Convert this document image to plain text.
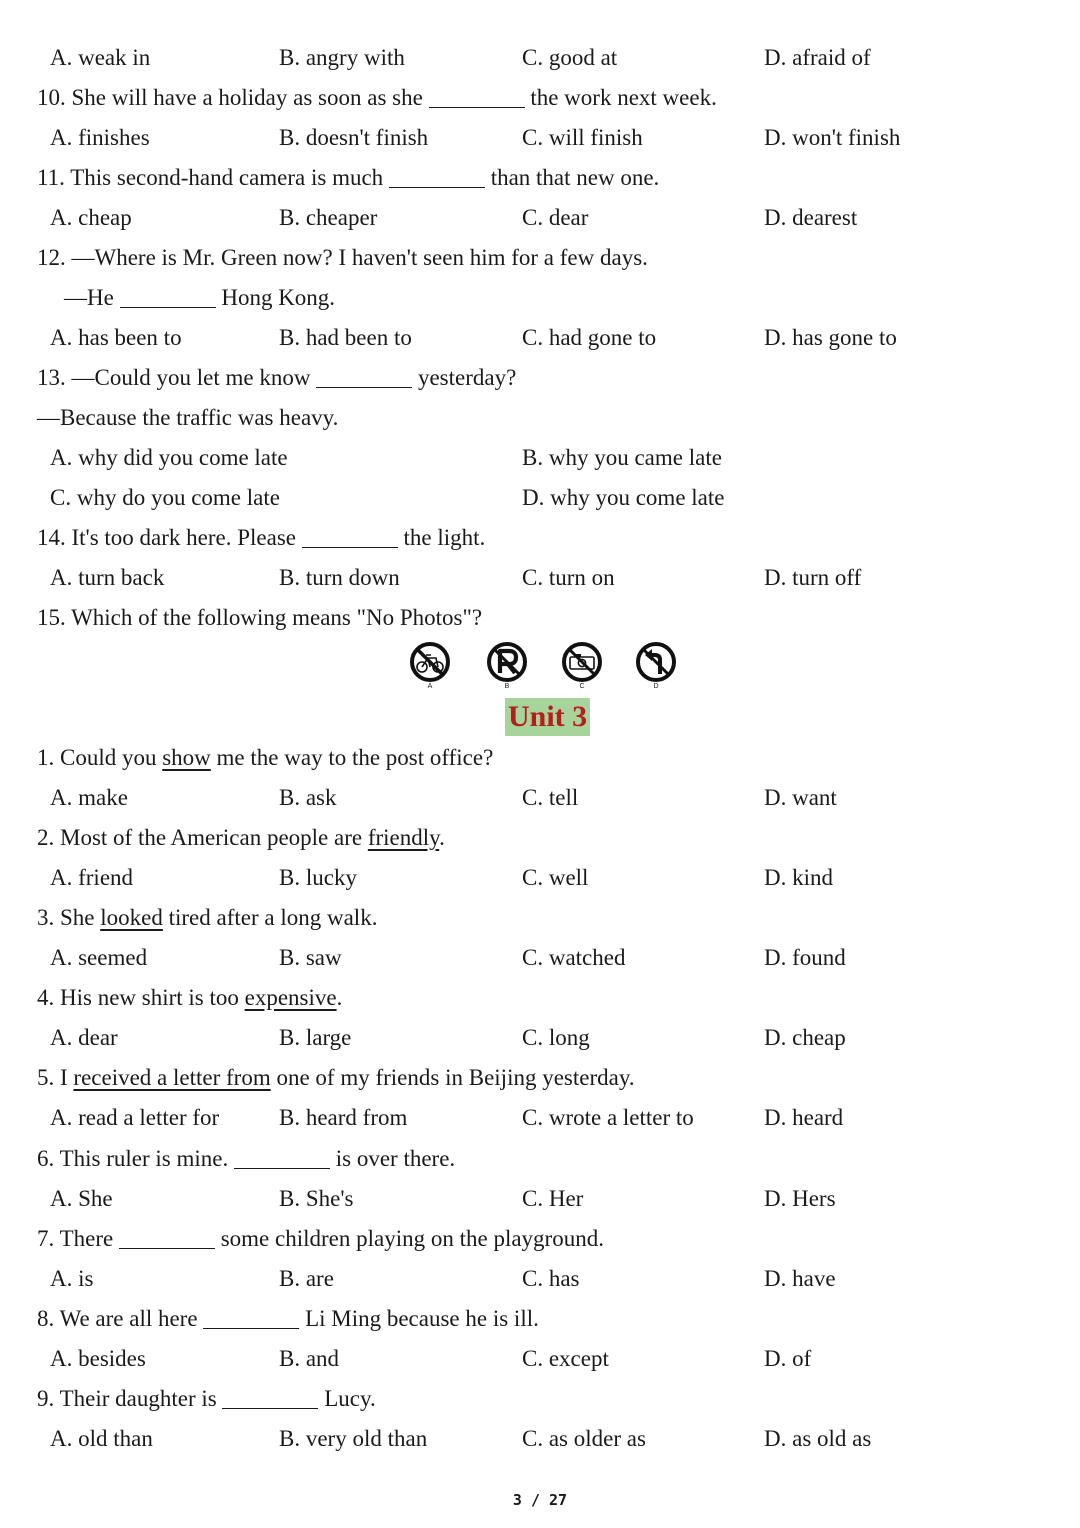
A. weak in	B. angry with	C. good at	D. afraid of
10. She will have a holiday as soon as she	the work next week.
A. finishes	B. doesn't finish	C. will finish	D. won't finish
11. This second-hand camera is much	than that new one.
A. cheap	B. cheaper	C. dear	D. dearest
12. —Where is Mr. Green now? I haven't seen him for a few days.
—He	Hong Kong.
A. has been to	B. had been to	C. had gone to	D. has gone to
13. —Could you let me know	yesterday?
—Because the traffic was heavy.
A. why did you come late	B. why you came late
C. why do you come late	D. why you come late
14. It's too dark here. Please	the light.
A. turn back	B. turn down	C. turn on	D. turn off
15. Which of the following means "No Photos"?
A	B	C	D
Unit 3
1. Could you show me the way to the post office?
A. make	B. ask	C. tell	D. want
2. Most of the American people are friendly.
A. friend	B. lucky	C. well	D. kind
3. She looked tired after a long walk.
A. seemed	B. saw	C. watched	D. found
4. His new shirt is too expensive.
A. dear	B. large	C. long	D. cheap
5. I received a letter from one of my friends in Beijing yesterday.
A. read a letter for	B. heard from	C. wrote a letter to	D. heard
6. This ruler is mine.	is over there.
A. She	B. She's	C. Her	D. Hers
7. There	some children playing on the playground.
A. is	B. are	C. has	D. have
8. We are all here	Li Ming because he is ill.
A. besides	B. and	C. except	D. of
9. Their daughter is	Lucy.
A. old than	B. very old than	C. as older as	D. as old as
3 / 27
